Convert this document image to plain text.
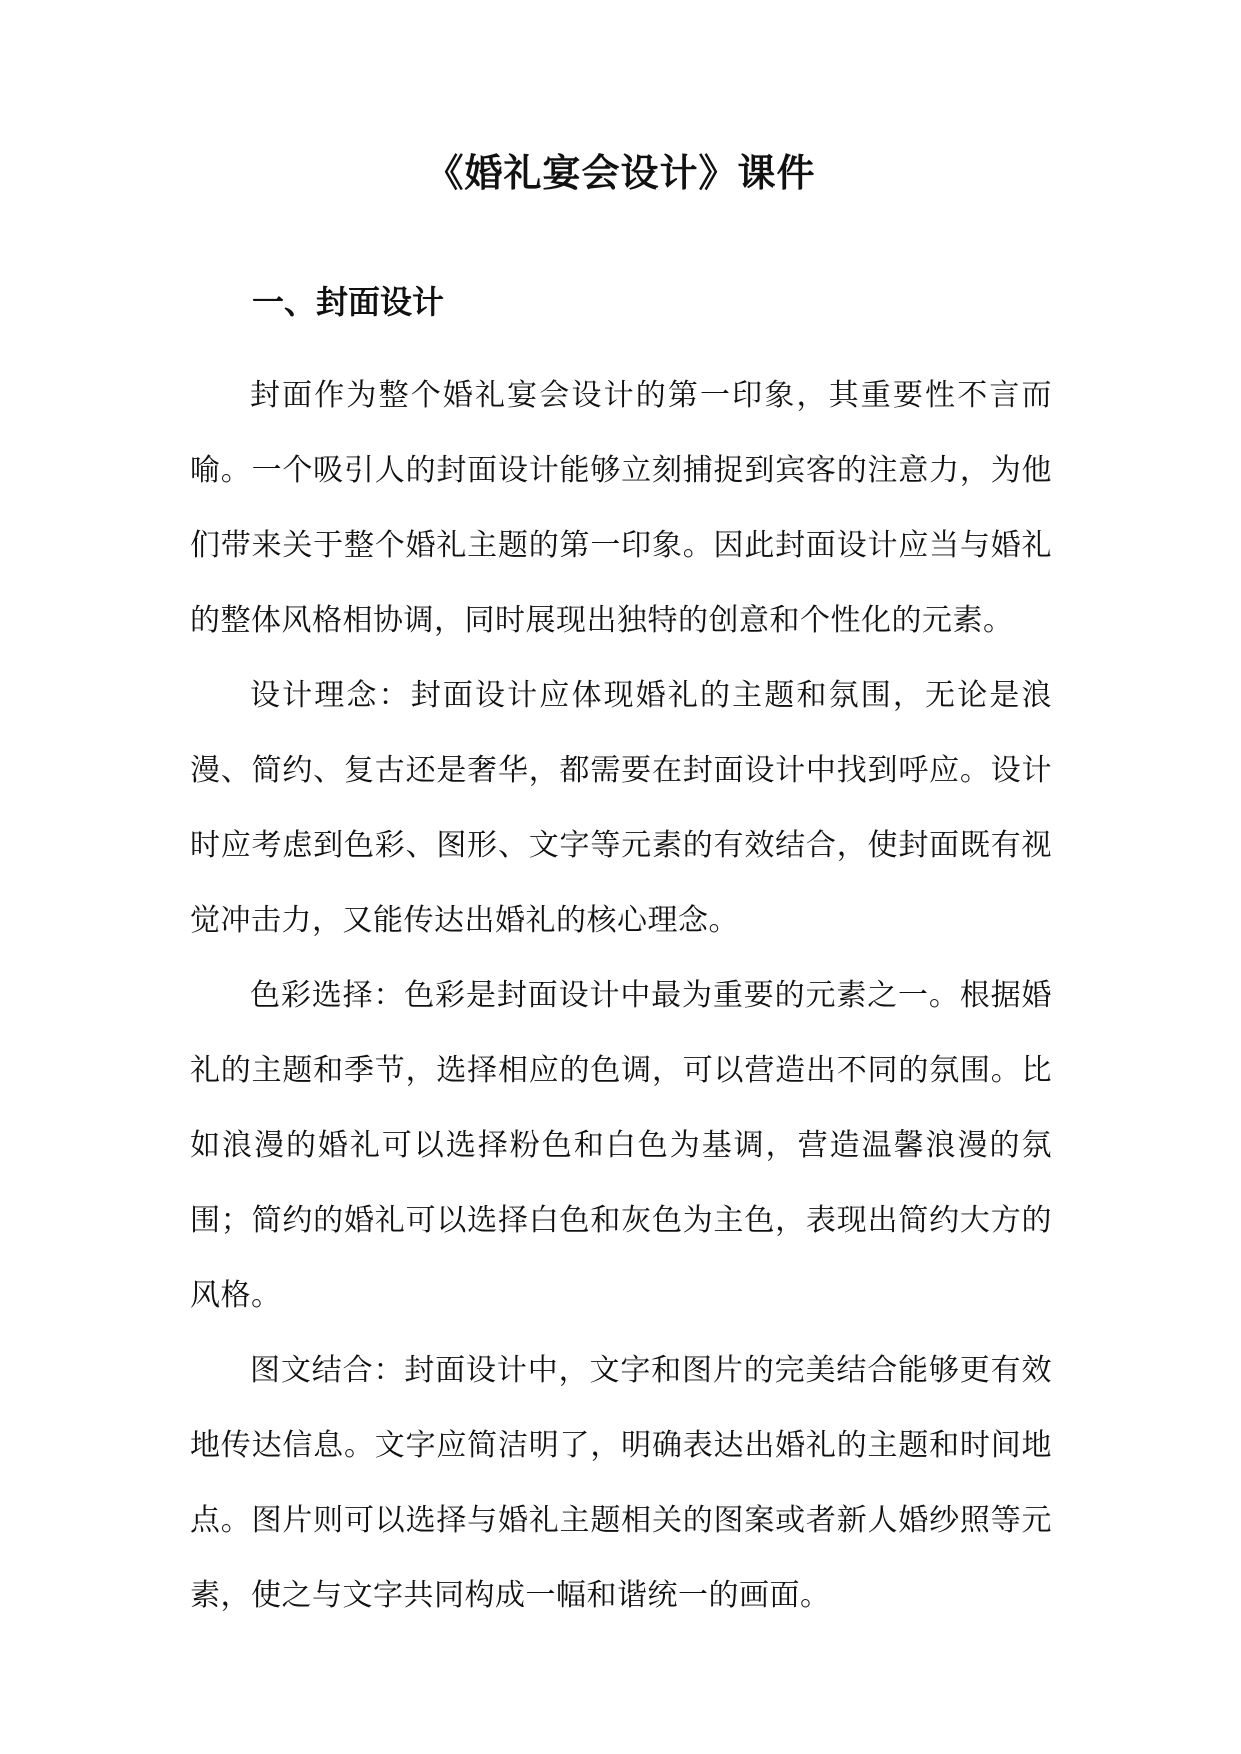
《婚礼宴会设计》课件
一、封面设计

封面作为整个婚礼宴会设计的第一印象，其重要性不言而喻。一个吸引人的封面设计能够立刻捕捉到宾客的注意力，为他们带来关于整个婚礼主题的第一印象。因此封面设计应当与婚礼的整体风格相协调，同时展现出独特的创意和个性化的元素。

设计理念：封面设计应体现婚礼的主题和氛围，无论是浪漫、简约、复古还是奢华，都需要在封面设计中找到呼应。设计时应考虑到色彩、图形、文字等元素的有效结合，使封面既有视觉冲击力，又能传达出婚礼的核心理念。

色彩选择：色彩是封面设计中最为重要的元素之一。根据婚礼的主题和季节，选择相应的色调，可以营造出不同的氛围。比如浪漫的婚礼可以选择粉色和白色为基调，营造温馨浪漫的氛围；简约的婚礼可以选择白色和灰色为主色，表现出简约大方的风格。

图文结合：封面设计中，文字和图片的完美结合能够更有效地传达信息。文字应简洁明了，明确表达出婚礼的主题和时间地点。图片则可以选择与婚礼主题相关的图案或者新人婚纱照等元素，使之与文字共同构成一幅和谐统一的画面。
